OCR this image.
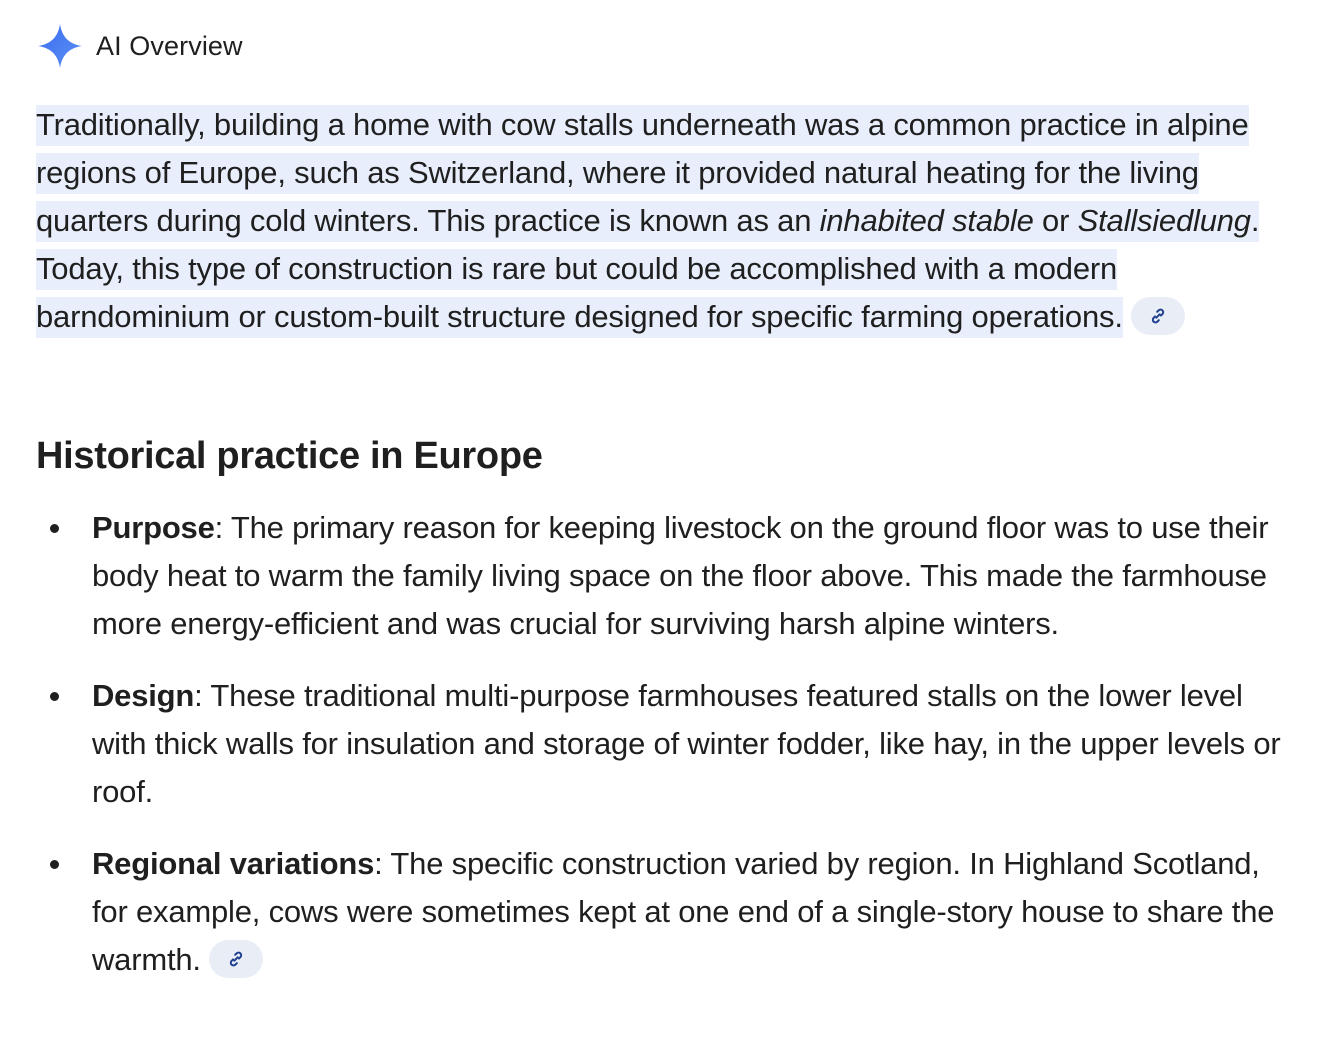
AI Overview

Traditionally, building a home with cow stalls underneath was a common practice in alpine regions of Europe, such as Switzerland, where it provided natural heating for the living quarters during cold winters. This practice is known as an inhabited stable or Stallsiedlung. Today, this type of construction is rare but could be accomplished with a modern barndominium or custom-built structure designed for specific farming operations.

Historical practice in Europe
Purpose: The primary reason for keeping livestock on the ground floor was to use their body heat to warm the family living space on the floor above. This made the farmhouse more energy-efficient and was crucial for surviving harsh alpine winters.
Design: These traditional multi-purpose farmhouses featured stalls on the lower level with thick walls for insulation and storage of winter fodder, like hay, in the upper levels or roof.
Regional variations: The specific construction varied by region. In Highland Scotland, for example, cows were sometimes kept at one end of a single-story house to share the warmth.
